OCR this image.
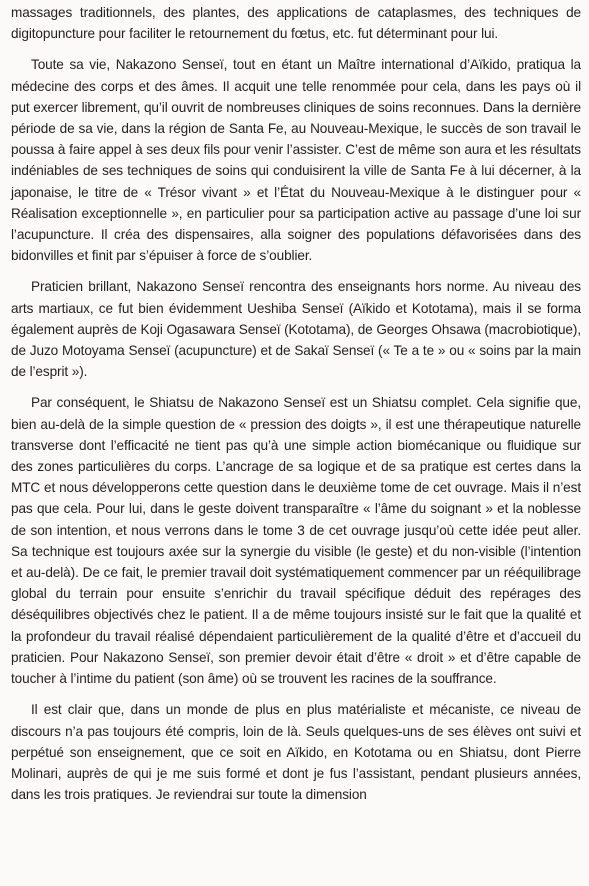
massages traditionnels, des plantes, des applications de cataplasmes, des techniques de digitopuncture pour faciliter le retournement du fœtus, etc. fut déterminant pour lui.

Toute sa vie, Nakazono Senseï, tout en étant un Maître international d’Aïkido, pratiqua la médecine des corps et des âmes. Il acquit une telle renommée pour cela, dans les pays où il put exercer librement, qu’il ouvrit de nombreuses cliniques de soins reconnues. Dans la dernière période de sa vie, dans la région de Santa Fe, au Nouveau-Mexique, le succès de son travail le poussa à faire appel à ses deux fils pour venir l’assister. C’est de même son aura et les résultats indéniables de ses techniques de soins qui conduisirent la ville de Santa Fe à lui décerner, à la japonaise, le titre de « Trésor vivant » et l’État du Nouveau-Mexique à le distinguer pour « Réalisation exceptionnelle », en particulier pour sa participation active au passage d’une loi sur l’acupuncture. Il créa des dispensaires, alla soigner des populations défavorisées dans des bidonvilles et finit par s’épuiser à force de s’oublier.

Praticien brillant, Nakazono Senseï rencontra des enseignants hors norme. Au niveau des arts martiaux, ce fut bien évidemment Ueshiba Senseï (Aïkido et Kototama), mais il se forma également auprès de Koji Ogasawara Senseï (Kototama), de Georges Ohsawa (macrobiotique), de Juzo Motoyama Senseï (acupuncture) et de Sakaï Senseï (« Te a te » ou « soins par la main de l’esprit »).

Par conséquent, le Shiatsu de Nakazono Senseï est un Shiatsu complet. Cela signifie que, bien au-delà de la simple question de « pression des doigts », il est une thérapeutique naturelle transverse dont l’efficacité ne tient pas qu’à une simple action biomécanique ou fluidique sur des zones particulières du corps. L’ancrage de sa logique et de sa pratique est certes dans la MTC et nous développerons cette question dans le deuxième tome de cet ouvrage. Mais il n’est pas que cela. Pour lui, dans le geste doivent transparaître « l’âme du soignant » et la noblesse de son intention, et nous verrons dans le tome 3 de cet ouvrage jusqu’où cette idée peut aller. Sa technique est toujours axée sur la synergie du visible (le geste) et du non-visible (l’intention et au-delà). De ce fait, le premier travail doit systématiquement commencer par un rééquilibrage global du terrain pour ensuite s’enrichir du travail spécifique déduit des repérages des déséquilibres objectivés chez le patient. Il a de même toujours insisté sur le fait que la qualité et la profondeur du travail réalisé dépendaient particulièrement de la qualité d’être et d’accueil du praticien. Pour Nakazono Senseï, son premier devoir était d’être « droit » et d’être capable de toucher à l’intime du patient (son âme) où se trouvent les racines de la souffrance.

Il est clair que, dans un monde de plus en plus matérialiste et mécaniste, ce niveau de discours n’a pas toujours été compris, loin de là. Seuls quelques-uns de ses élèves ont suivi et perpétué son enseignement, que ce soit en Aïkido, en Kototama ou en Shiatsu, dont Pierre Molinari, auprès de qui je me suis formé et dont je fus l’assistant, pendant plusieurs années, dans les trois pratiques. Je reviendrai sur toute la dimension
